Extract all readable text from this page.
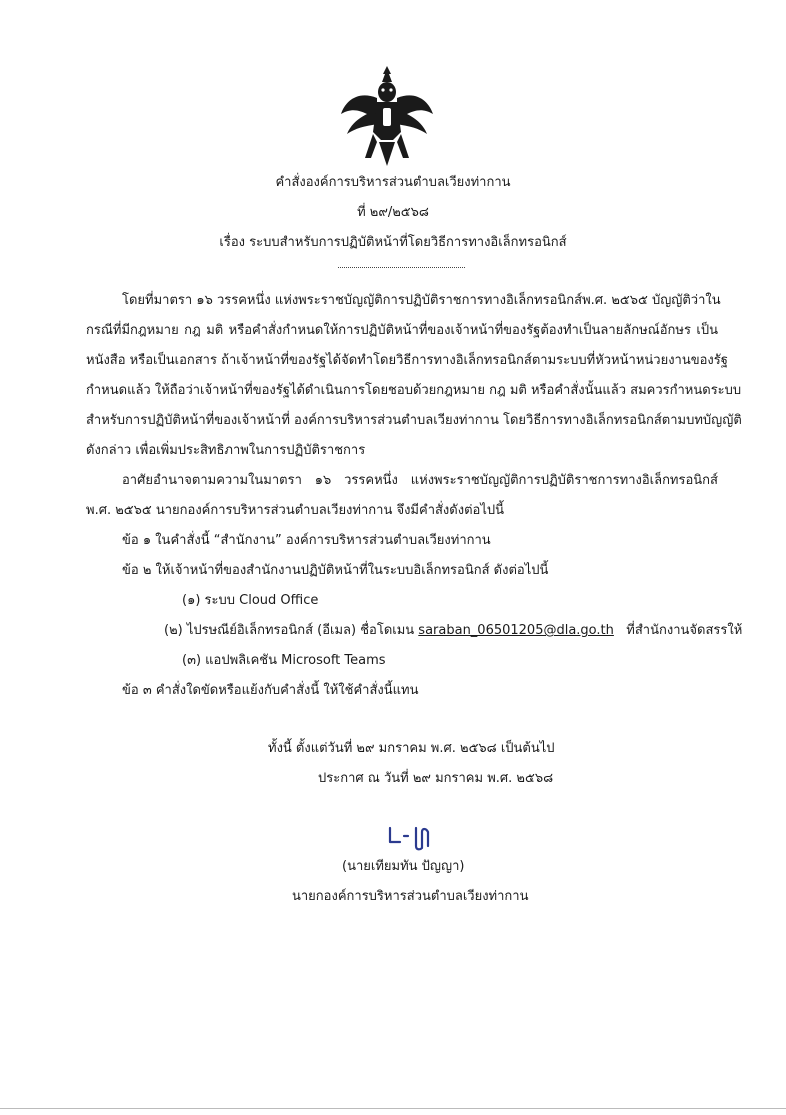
คำสั่งองค์การบริหารส่วนตำบลเวียงท่ากาน
ที่ ๒๙/๒๕๖๘
เรื่อง ระบบสำหรับการปฏิบัติหน้าที่โดยวิธีการทางอิเล็กทรอนิกส์
โดยที่มาตรา ๑๖ วรรคหนึ่ง แห่งพระราชบัญญัติการปฏิบัติราชการทางอิเล็กทรอนิกส์พ.ศ. ๒๕๖๕ บัญญัติว่าใน
กรณีที่มีกฎหมาย กฎ มติ หรือคำสั่งกำหนดให้การปฏิบัติหน้าที่ของเจ้าหน้าที่ของรัฐต้องทำเป็นลายลักษณ์อักษร เป็น
หนังสือ หรือเป็นเอกสาร ถ้าเจ้าหน้าที่ของรัฐได้จัดทำโดยวิธีการทางอิเล็กทรอนิกส์ตามระบบที่หัวหน้าหน่วยงานของรัฐ
กำหนดแล้ว ให้ถือว่าเจ้าหน้าที่ของรัฐได้ดำเนินการโดยชอบด้วยกฎหมาย กฎ มติ หรือคำสั่งนั้นแล้ว สมควรกำหนดระบบ
สำหรับการปฏิบัติหน้าที่ของเจ้าหน้าที่ องค์การบริหารส่วนตำบลเวียงท่ากาน โดยวิธีการทางอิเล็กทรอนิกส์ตามบทบัญญัติ
ดังกล่าว เพื่อเพิ่มประสิทธิภาพในการปฏิบัติราชการ
อาศัยอำนาจตามความในมาตรา ๑๖ วรรคหนึ่ง แห่งพระราชบัญญัติการปฏิบัติราชการทางอิเล็กทรอนิกส์
พ.ศ. ๒๕๖๕ นายกองค์การบริหารส่วนตำบลเวียงท่ากาน จึงมีคำสั่งดังต่อไปนี้
ข้อ ๑ ในคำสั่งนี้ “สำนักงาน” องค์การบริหารส่วนตำบลเวียงท่ากาน
ข้อ ๒ ให้เจ้าหน้าที่ของสำนักงานปฏิบัติหน้าที่ในระบบอิเล็กทรอนิกส์ ดังต่อไปนี้
(๑) ระบบ Cloud Office
(๒) ไปรษณีย์อิเล็กทรอนิกส์ (อีเมล) ชื่อโดเมน saraban_06501205@dla.go.th ที่สำนักงานจัดสรรให้
(๓) แอปพลิเคชัน Microsoft Teams
ข้อ ๓ คำสั่งใดขัดหรือแย้งกับคำสั่งนี้ ให้ใช้คำสั่งนี้แทน
ทั้งนี้ ตั้งแต่วันที่ ๒๙ มกราคม พ.ศ. ๒๕๖๘ เป็นต้นไป
ประกาศ ณ วันที่ ๒๙ มกราคม พ.ศ. ๒๕๖๘
(นายเทียมทัน ปัญญา)
นายกองค์การบริหารส่วนตำบลเวียงท่ากาน
